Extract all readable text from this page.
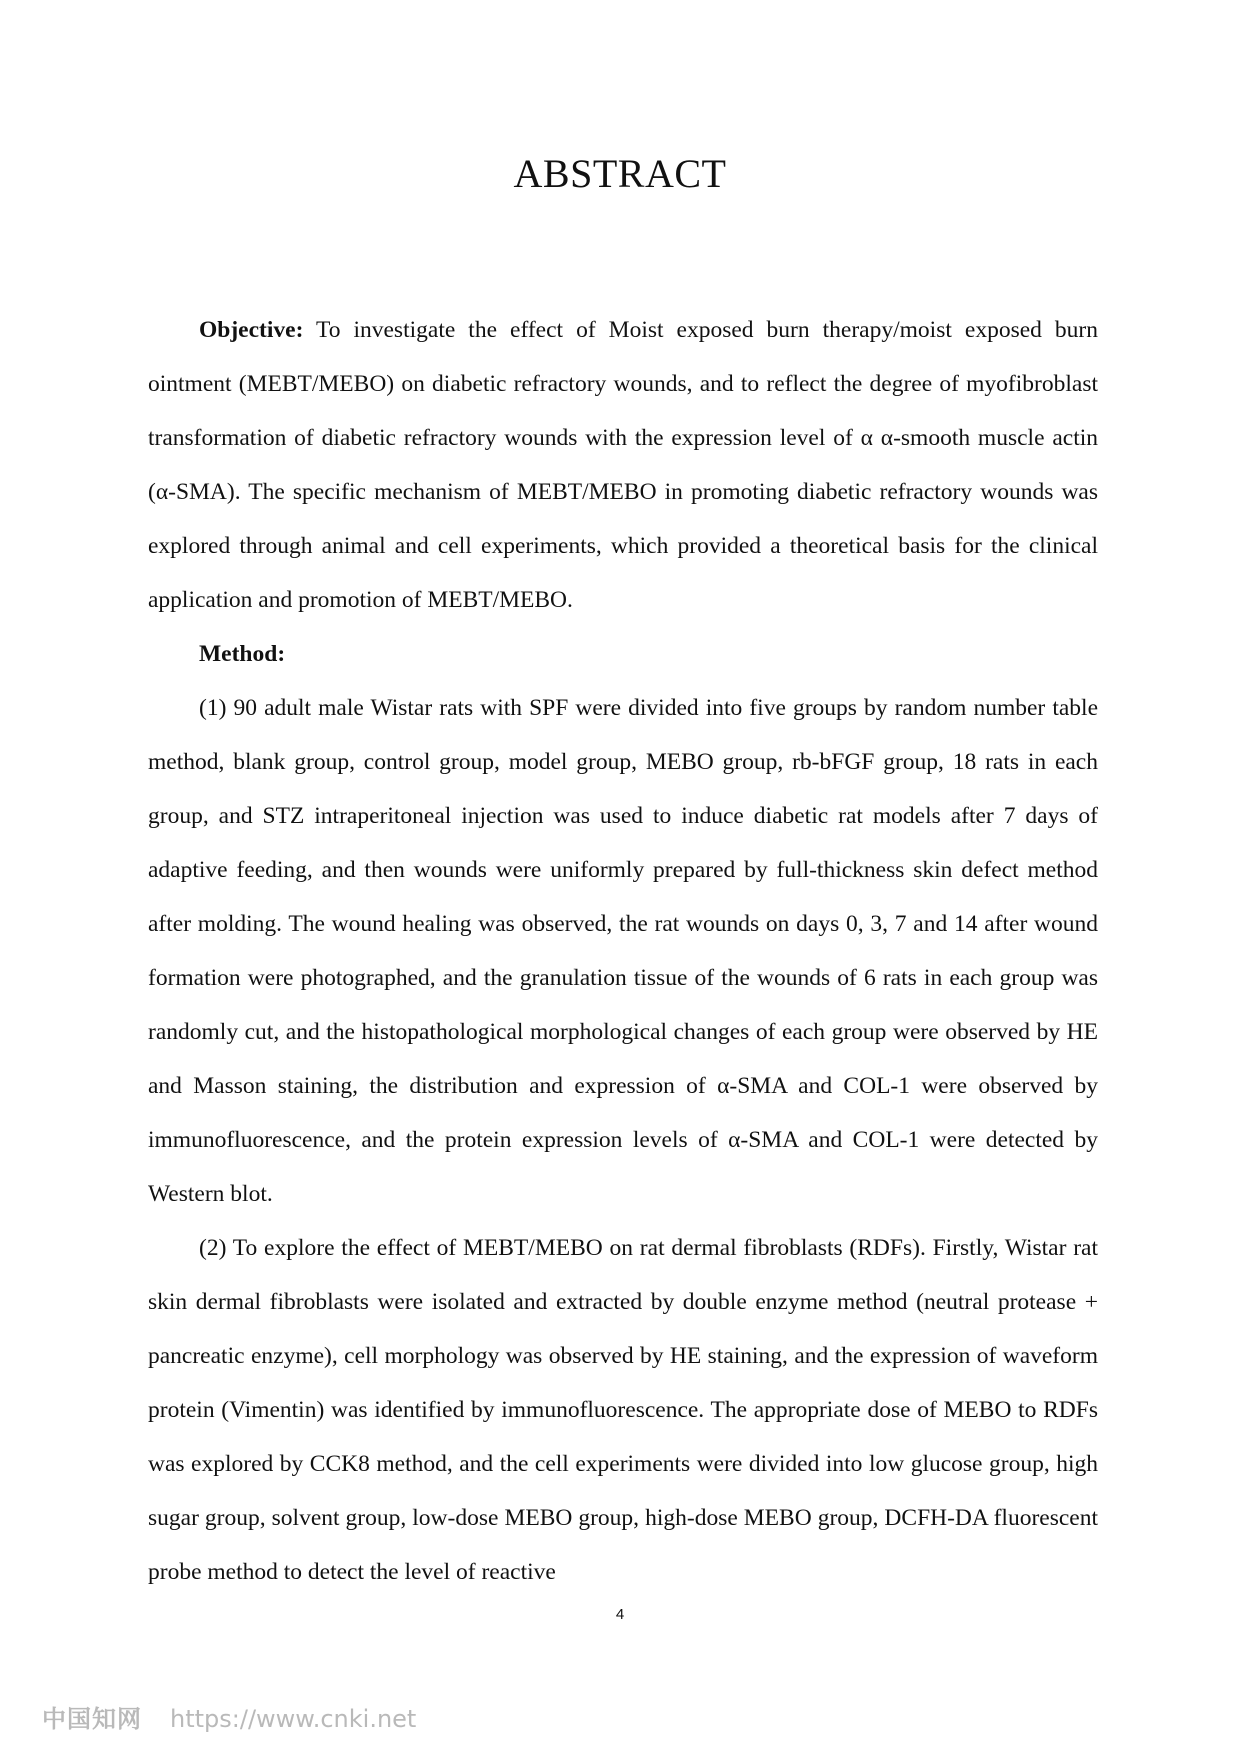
ABSTRACT

Objective: To investigate the effect of Moist exposed burn therapy/moist exposed burn ointment (MEBT/MEBO) on diabetic refractory wounds, and to reflect the degree of myofibroblast transformation of diabetic refractory wounds with the expression level of α α-smooth muscle actin (α-SMA). The specific mechanism of MEBT/MEBO in promoting diabetic refractory wounds was explored through animal and cell experiments, which provided a theoretical basis for the clinical application and promotion of MEBT/MEBO.

Method:

(1) 90 adult male Wistar rats with SPF were divided into five groups by random number table method, blank group, control group, model group, MEBO group, rb-bFGF group, 18 rats in each group, and STZ intraperitoneal injection was used to induce diabetic rat models after 7 days of adaptive feeding, and then wounds were uniformly prepared by full-thickness skin defect method after molding. The wound healing was observed, the rat wounds on days 0, 3, 7 and 14 after wound formation were photographed, and the granulation tissue of the wounds of 6 rats in each group was randomly cut, and the histopathological morphological changes of each group were observed by HE and Masson staining, the distribution and expression of α-SMA and COL-1 were observed by immunofluorescence, and the protein expression levels of α-SMA and COL-1 were detected by Western blot.

(2) To explore the effect of MEBT/MEBO on rat dermal fibroblasts (RDFs). Firstly, Wistar rat skin dermal fibroblasts were isolated and extracted by double enzyme method (neutral protease + pancreatic enzyme), cell morphology was observed by HE staining, and the expression of waveform protein (Vimentin) was identified by immunofluorescence. The appropriate dose of MEBO to RDFs was explored by CCK8 method, and the cell experiments were divided into low glucose group, high sugar group, solvent group, low-dose MEBO group, high-dose MEBO group, DCFH-DA fluorescent probe method to detect the level of reactive

4
中国知网 https://www.cnki.net
